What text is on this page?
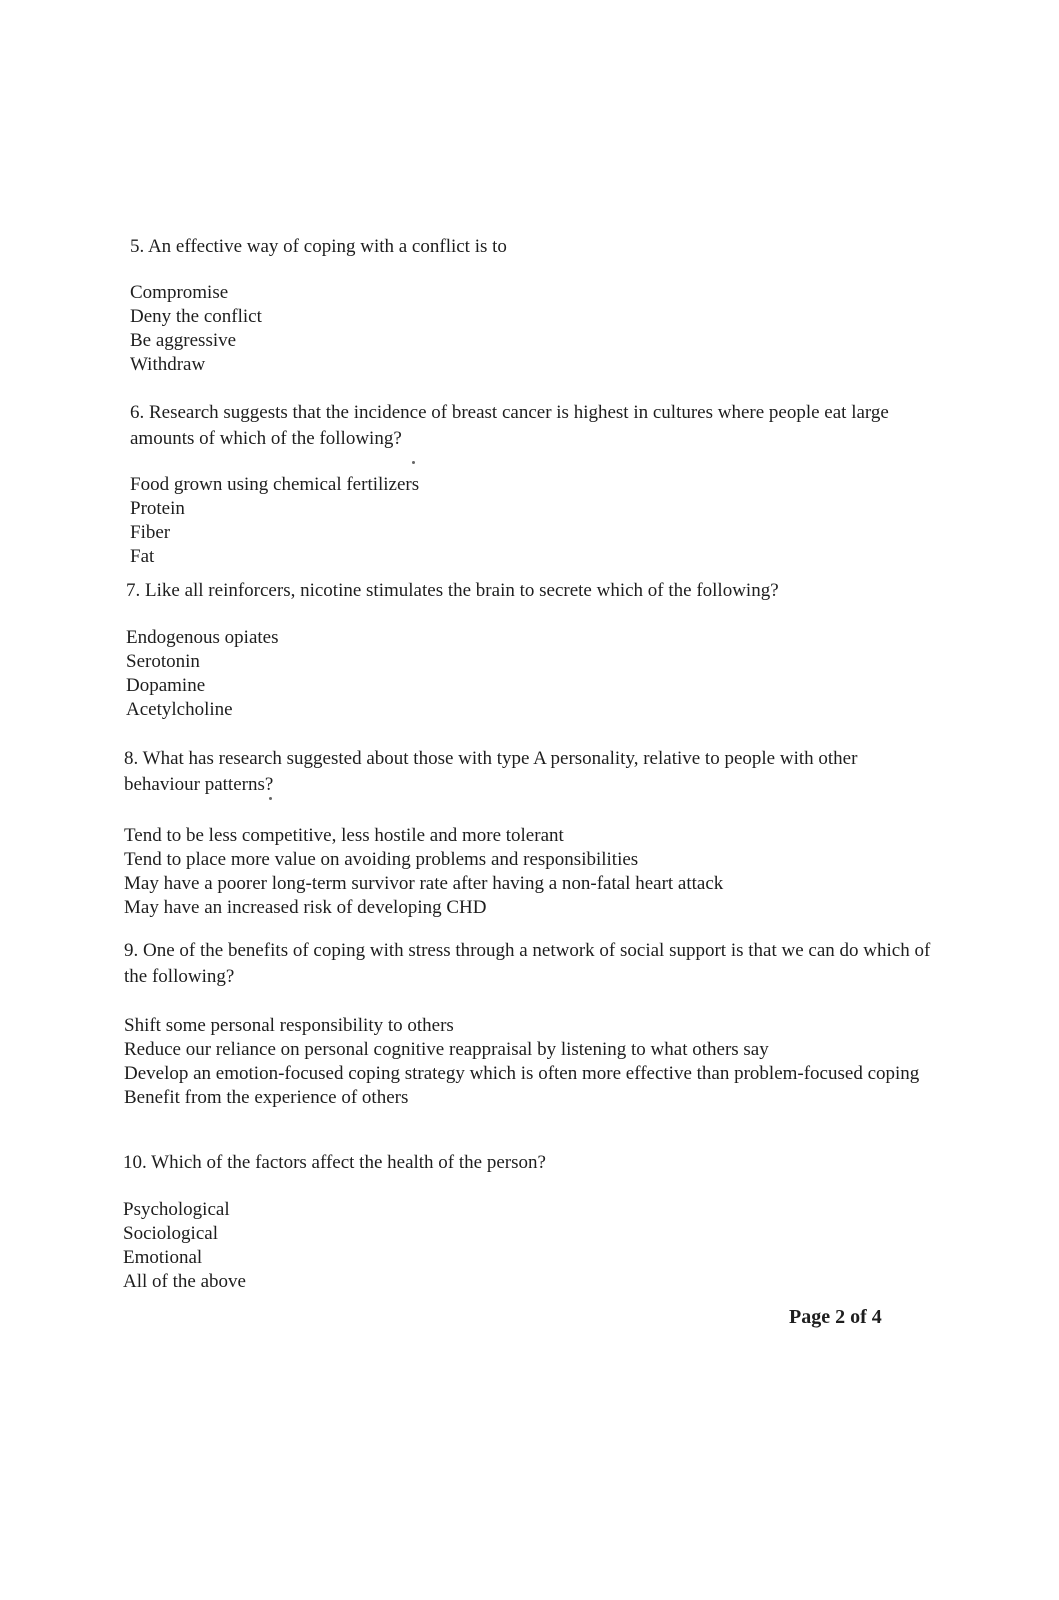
5. An effective way of coping with a conflict is to

Compromise
Deny the conflict
Be aggressive
Withdraw

6. Research suggests that the incidence of breast cancer is highest in cultures where people eat large amounts of which of the following?

Food grown using chemical fertilizers
Protein
Fiber
Fat

7. Like all reinforcers, nicotine stimulates the brain to secrete which of the following?

Endogenous opiates
Serotonin
Dopamine
Acetylcholine

8. What has research suggested about those with type A personality, relative to people with other behaviour patterns?

Tend to be less competitive, less hostile and more tolerant
Tend to place more value on avoiding problems and responsibilities
May have a poorer long-term survivor rate after having a non-fatal heart attack
May have an increased risk of developing CHD

9. One of the benefits of coping with stress through a network of social support is that we can do which of the following?

Shift some personal responsibility to others
Reduce our reliance on personal cognitive reappraisal by listening to what others say
Develop an emotion-focused coping strategy which is often more effective than problem-focused coping
Benefit from the experience of others

10. Which of the factors affect the health of the person?

Psychological
Sociological
Emotional
All of the above
Page 2 of 4
